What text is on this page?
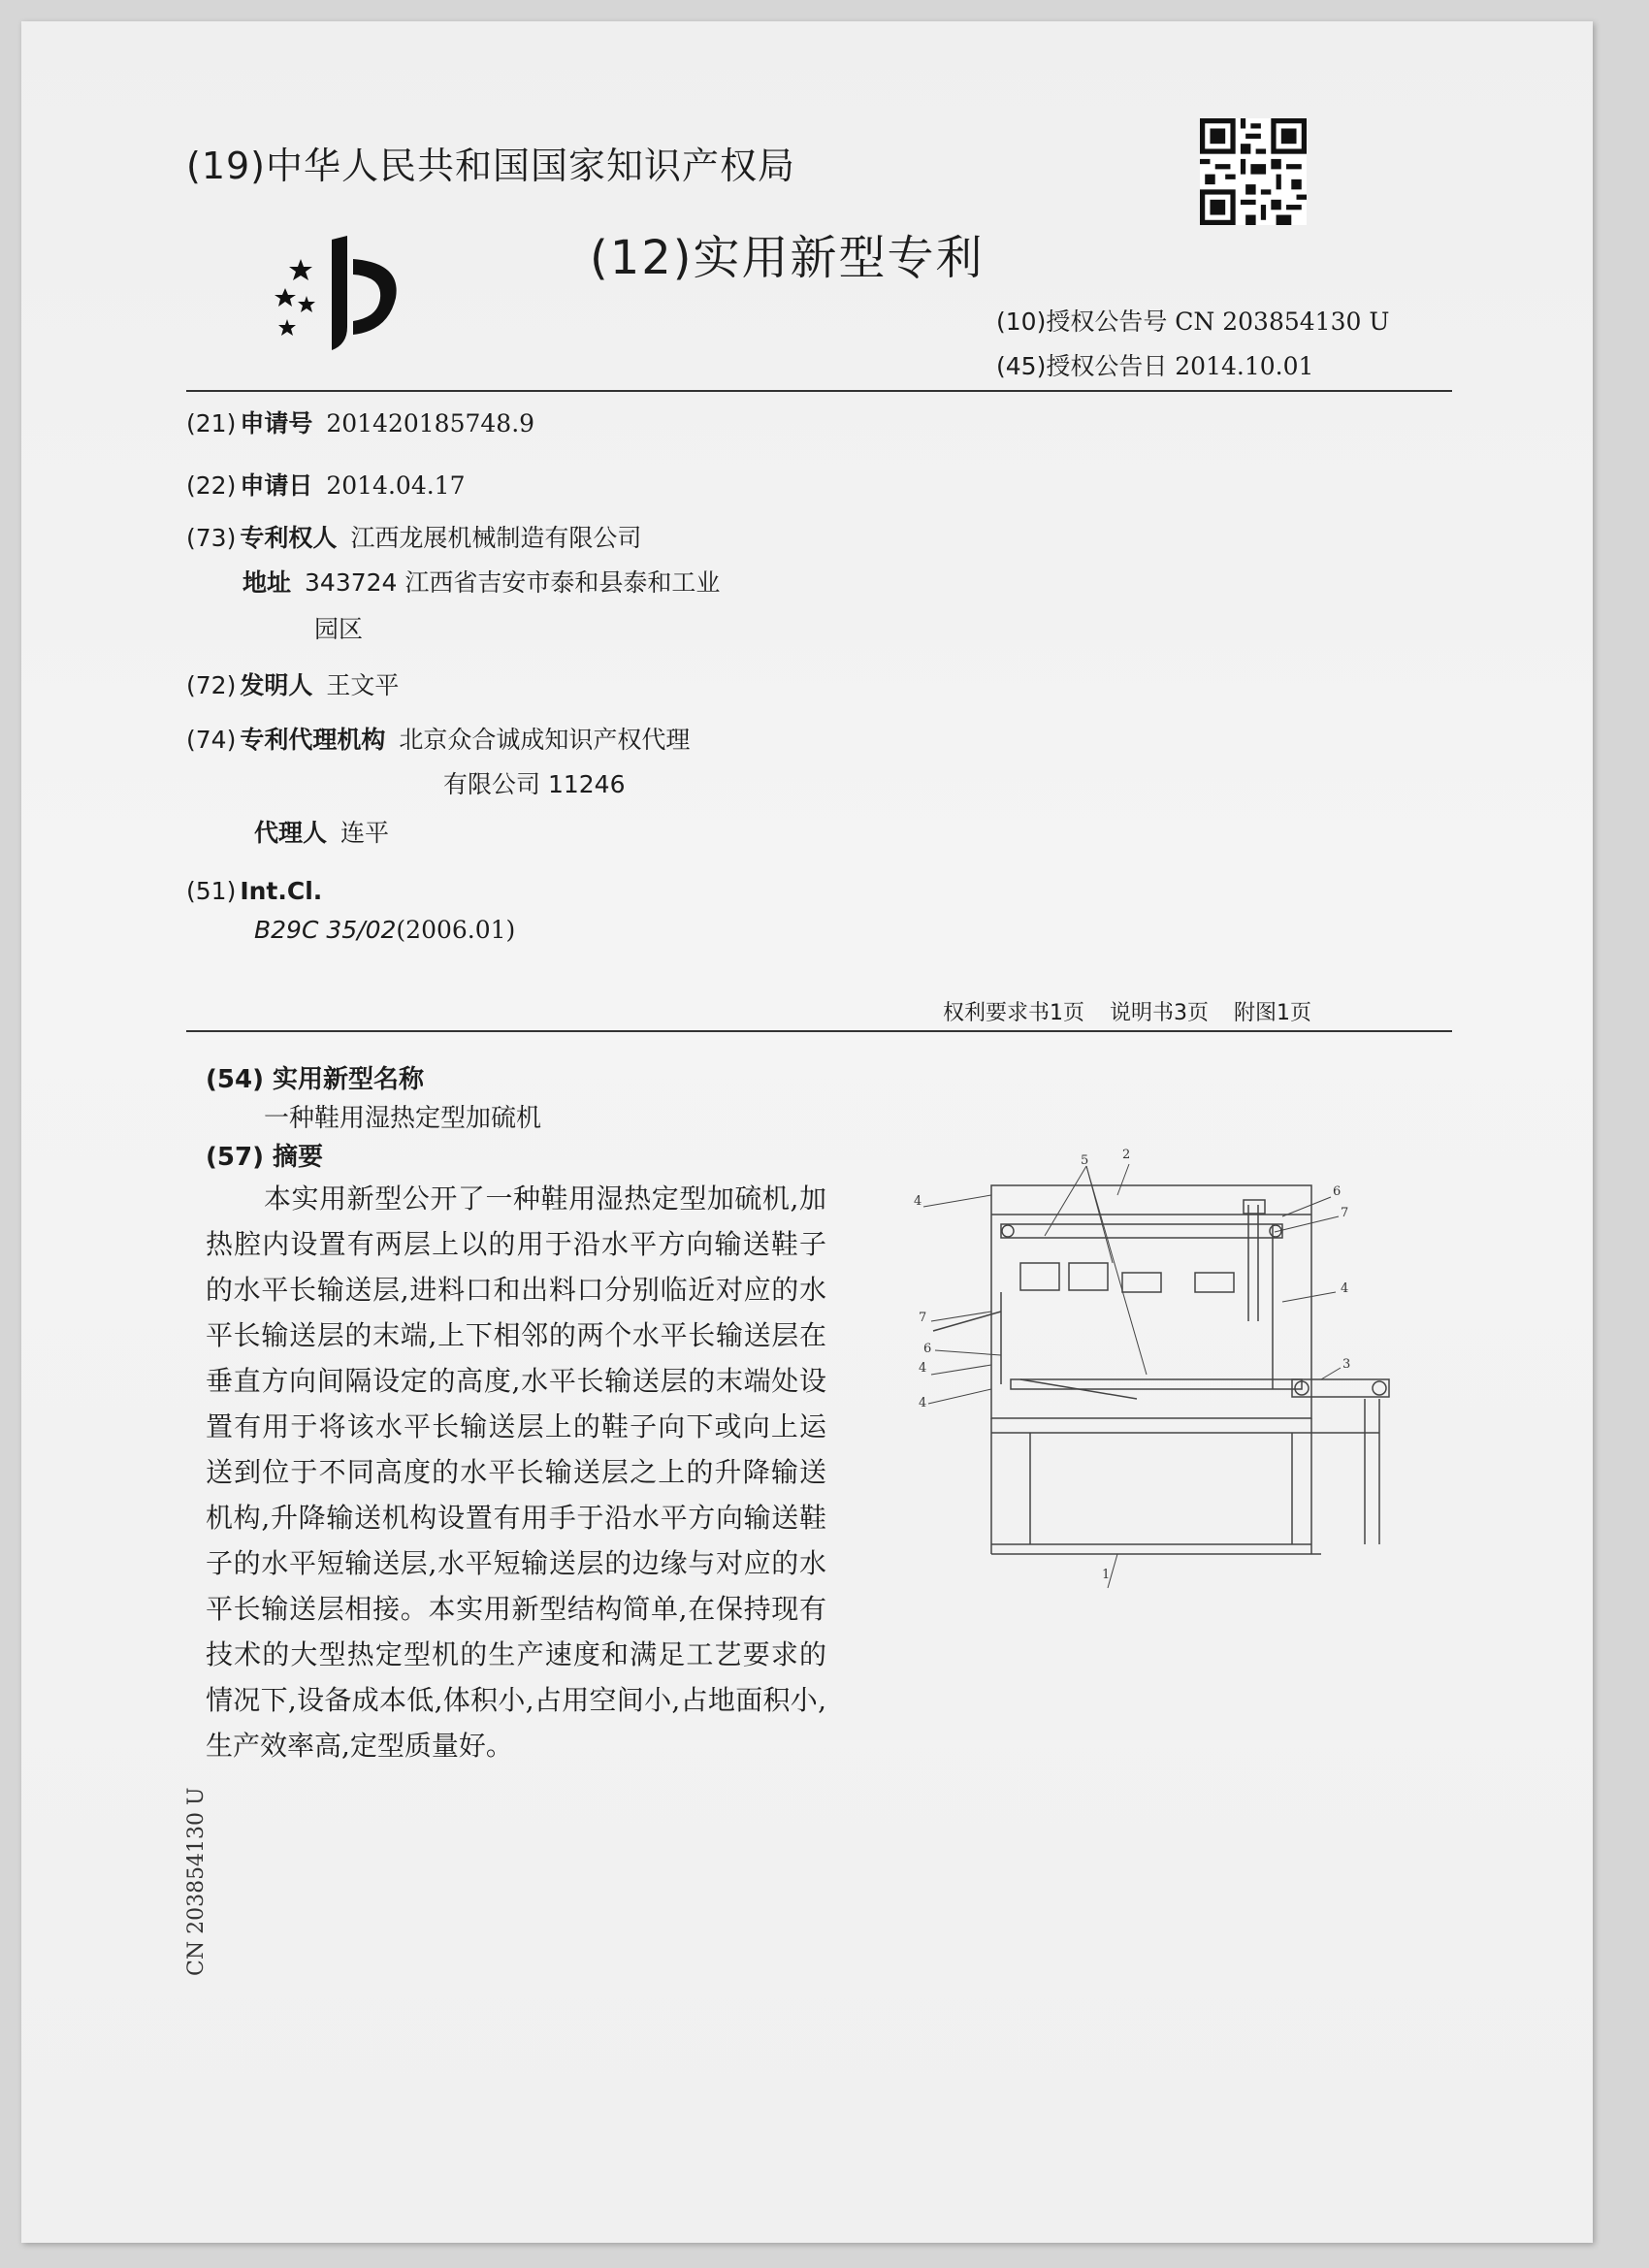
(19)中华人民共和国国家知识产权局
(12)实用新型专利
(10)授权公告号 CN 203854130 U
(45)授权公告日 2014.10.01
(21) 申请号 201420185748.9
(22) 申请日 2014.04.17
(73) 专利权人 江西龙展机械制造有限公司
地址 343724 江西省吉安市泰和县泰和工业
园区
(72) 发明人 王文平
(74) 专利代理机构 北京众合诚成知识产权代理
有限公司 11246
代理人 连平
(51) Int.Cl.
B29C 35/02(2006.01)
权利要求书1页 说明书3页 附图1页
(54) 实用新型名称
一种鞋用湿热定型加硫机
(57) 摘要
本实用新型公开了一种鞋用湿热定型加硫机,加热腔内设置有两层上以的用于沿水平方向输送鞋子的水平长输送层,进料口和出料口分别临近对应的水平长输送层的末端,上下相邻的两个水平长输送层在垂直方向间隔设定的高度,水平长输送层的末端处设置有用于将该水平长输送层上的鞋子向下或向上运送到位于不同高度的水平长输送层之上的升降输送机构,升降输送机构设置有用手于沿水平方向输送鞋子的水平短输送层,水平短输送层的边缘与对应的水平长输送层相接。本实用新型结构简单,在保持现有技术的大型热定型机的生产速度和满足工艺要求的情况下,设备成本低,体积小,占用空间小,占地面积小,生产效率高,定型质量好。
1
2
3
4
4
4
4
5
6
6
7
7
CN 203854130 U
